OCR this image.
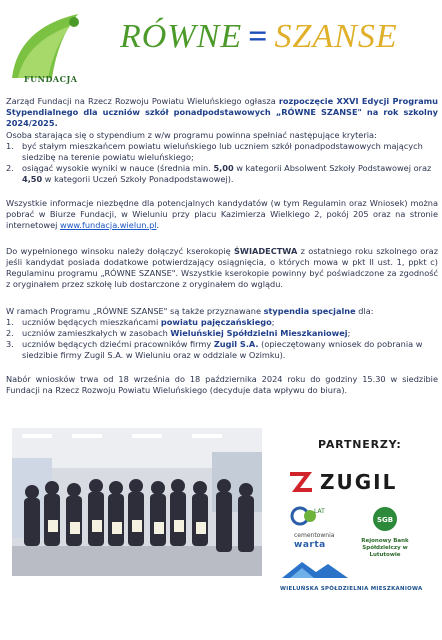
FUNDACJA
RÓWNE = SZANSE

Zarząd Fundacji na Rzecz Rozwoju Powiatu Wieluńskiego ogłasza rozpoczęcie XXVI Edycji Programu Stypendialnego dla uczniów szkół ponadpodstawowych „RÓWNE SZANSE" na rok szkolny 2024/2025.

Osoba starająca się o stypendium z w/w programu powinna spełniać następujące kryteria:

1. być stałym mieszkańcem powiatu wieluńskiego lub uczniem szkół ponadpodstawowych mających siedzibę na terenie powiatu wieluńskiego;
2. osiągać wysokie wyniki w nauce (średnia min. 5,00 w kategorii Absolwent Szkoły Podstawowej oraz 4,50 w kategorii Uczeń Szkoły Ponadpodstawowej).

Wszystkie informacje niezbędne dla potencjalnych kandydatów (w tym Regulamin oraz Wniosek) można pobrać w Biurze Fundacji, w Wieluniu przy placu Kazimierza Wielkiego 2, pokój 205 oraz na stronie internetowej www.fundacja.wielun.pl.

Do wypełnionego winsoku należy dołączyć kserokopię ŚWIADECTWA z ostatniego roku szkolnego oraz jeśli kandydat posiada dodatkowe potwierdzający osiągnięcia, o których mowa w pkt II ust. 1, ppkt c) Regulaminu programu „RÓWNE SZANSE". Wszystkie kserokopie powinny być poświadczone za zgodność z oryginałem przez szkołę lub dostarczone z oryginałem do wglądu.

W ramach Programu „RÓWNE SZANSE" są także przyznawane stypendia specjalne dla:

1. uczniów będących mieszkańcami powiatu pajęczańskiego;
2. uczniów zamieszkałych w zasobach Wieluńskiej Spółdzielni Mieszkaniowej;
3. uczniów będących dziećmi pracowników firmy Zugil S.A. (opieczętowany wniosek do pobrania w siedzibie firmy Zugil S.A. w Wieluniu oraz w oddziale w Ozimku).

Nabór wniosków trwa od 18 września do 18 października 2024 roku do godziny 15.30 w siedzibie Fundacji na Rzecz Rozwoju Powiatu Wieluńskiego (decyduje data wpływu do biura).

PARTNERZY:
ZUGIL
LAT
cementownia
warta
SGB
Rejonowy Bank Spółdzielczy w Lututowie
WIELUŃSKA SPÓŁDZIELNIA MIESZKANIOWA
